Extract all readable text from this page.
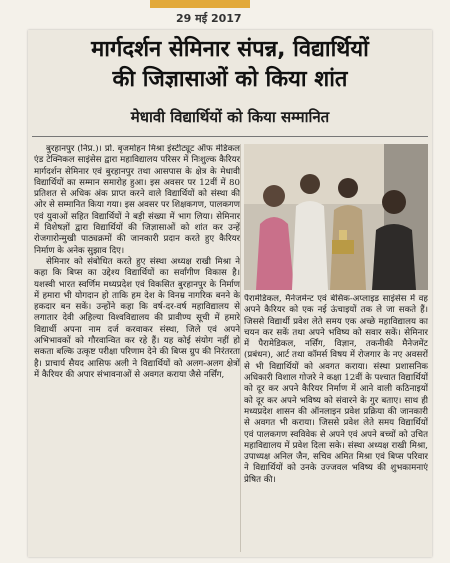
29 मई 2017
मार्गदर्शन सेमिनार संपन्न, विद्यार्थियों
की जिज्ञासाओं को किया शांत
मेधावी विद्यार्थियों को किया सम्मानित

बुरहानपुर (निप्र.)। प्रो. बृजमोहन मिश्रा इंस्टीट्यूट ऑफ मेडिकल एंड टेक्निकल साइंसेस द्वारा महाविद्यालय परिसर में निःशुल्क कैरियर मार्गदर्शन सेमिनार एवं बुरहानपुर तथा आसपास के क्षेत्र के मेधावी विद्यार्थियों का सम्मान समारोह हुआ। इस अवसर पर 12वीं में 80 प्रतिशत से अधिक अंक प्राप्त करने वाले विद्यार्थियों को संस्था की ओर से सम्मानित किया गया। इस अवसर पर शिक्षकगण, पालकगण एवं युवाओं सहित विद्यार्थियों ने बड़ी संख्या में भाग लिया। सेमिनार में विशेषज्ञों द्वारा विद्यार्थियों की जिज्ञासाओं को शांत कर उन्हें रोजगारोन्मुखी पाठ्यक्रमों की जानकारी प्रदान करते हुए कैरियर निर्माण के अनेक सुझाव दिए।

सेमिनार को संबोधित करते हुए संस्था अध्यक्ष राखी मिश्रा ने कहा कि बिप्स का उद्देश्य विद्यार्थियों का सर्वांगीण विकास है। यशस्वी भारत स्वर्णिम मध्यप्रदेश एवं विकसित बुरहानपुर के निर्माण में हमारा भी योगदान हो ताकि हम देश के विनम्र नागरिक बनने के हकदार बन सकें। उन्होंने कहा कि वर्ष-दर-वर्ष महाविद्यालय से लगातार देवी अहिल्या विश्वविद्यालय की प्रावीण्य सूची में हमारे विद्यार्थी अपना नाम दर्ज करवाकर संस्था, जिले एवं अपने अभिभावकों को गौरवान्वित कर रहे हैं। यह कोई संयोग नहीं हो सकता बल्कि उत्कृष्ट परीक्षा परिणाम देने की बिप्स ग्रुप की निरंतरता है। प्राचार्य सैयद आसिफ अली ने विद्यार्थियों को अलग-अलग क्षेत्रों में कैरियर की अपार संभावनाओं से अवगत कराया जैसे नर्सिंग,

पैरामेडिकल, मैनेजमेन्ट एवं बेसिक-अप्लाइड साइंसेस में वह अपने कैरियर को एक नई ऊंचाइयों तक ले जा सकते हैं। जिससे विद्यार्थी प्रवेश लेते समय एक अच्छे महाविद्यालय का चयन कर सकें तथा अपने भविष्य को सवार सकें। सेमिनार में पैरामेडिकल, नर्सिंग, विज्ञान, तकनीकी मैनेजमेंट (प्रबंधन), आर्ट तथा कॉमर्स विषय में रोजगार के नए अवसरों से भी विद्यार्थियों को अवगत कराया। संस्था प्रशासनिक अधिकारी विशाल गोजरे ने कक्षा 12वीं के पश्चात विद्यार्थियों को दूर कर अपने कैरियर निर्माण में आने वाली कठिनाइयों को दूर कर अपने भविष्य को संवारने के गुर बताए। साथ ही मध्यप्रदेश शासन की ऑनलाइन प्रवेश प्रक्रिया की जानकारी से अवगत भी कराया। जिससे प्रवेश लेते समय विद्यार्थियों एवं पालकगण स्वविवेक से अपने एवं अपने बच्चों को उचित महाविद्यालय में प्रवेश दिला सके। संस्था अध्यक्ष राखी मिश्रा, उपाध्यक्ष अनिल जैन, सचिव अमित मिश्रा एवं बिप्स परिवार ने विद्यार्थियों को उनके उज्जवल भविष्य की शुभकामनाएं प्रेषित की।
